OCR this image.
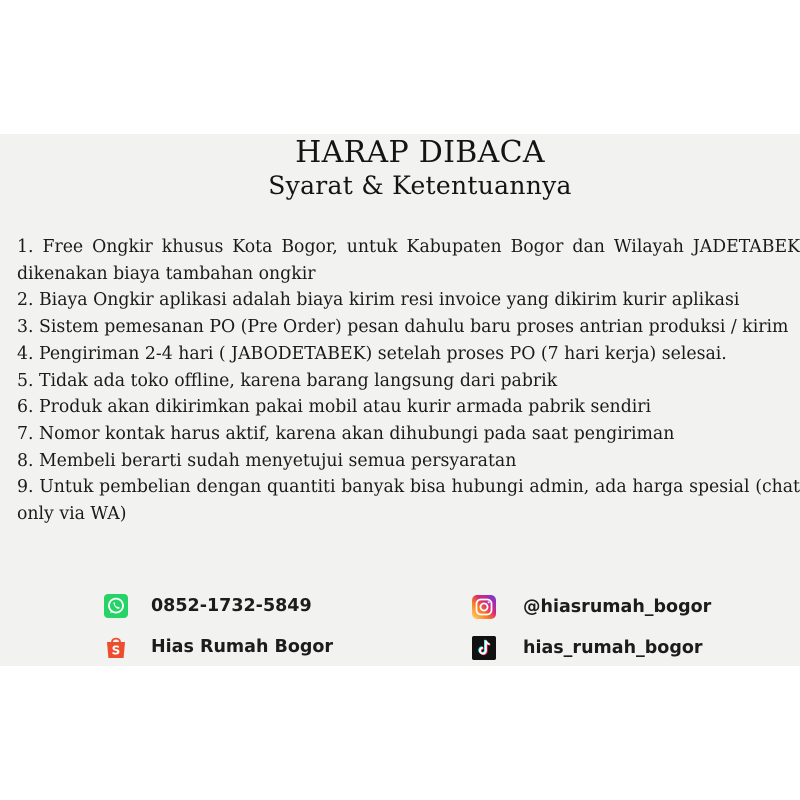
HARAP DIBACA
Syarat & Ketentuannya
1. Free Ongkir khusus Kota Bogor, untuk Kabupaten Bogor dan Wilayah JADETABEK dikenakan biaya tambahan ongkir
2. Biaya Ongkir aplikasi adalah biaya kirim resi invoice yang dikirim kurir aplikasi
3. Sistem pemesanan PO (Pre Order) pesan dahulu baru proses antrian produksi / kirim
4. Pengiriman 2-4 hari ( JABODETABEK) setelah proses PO (7 hari kerja) selesai.
5. Tidak ada toko offline, karena barang langsung dari pabrik
6. Produk akan dikirimkan pakai mobil atau kurir armada pabrik sendiri
7. Nomor kontak harus aktif, karena akan dihubungi pada saat pengiriman
8. Membeli berarti sudah menyetujui semua persyaratan
9. Untuk pembelian dengan quantiti banyak bisa hubungi admin, ada harga spesial (chat only via WA)
0852-1732-5849
S Hias Rumah Bogor
@hiasrumah_bogor
hias_rumah_bogor
